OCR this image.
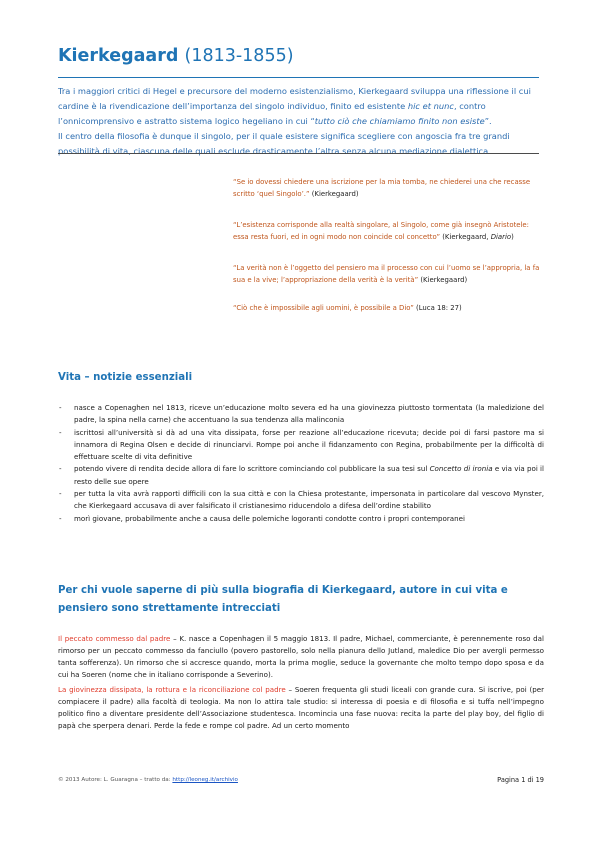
Kierkegaard (1813-1855)

Tra i maggiori critici di Hegel e precursore del moderno esistenzialismo, Kierkegaard sviluppa una riflessione il cui cardine è la rivendicazione dell’importanza del singolo individuo, finito ed esistente hic et nunc, contro l’onnicomprensivo e astratto sistema logico hegeliano in cui “tutto ciò che chiamiamo finito non esiste”.

Il centro della filosofia è dunque il singolo, per il quale esistere significa scegliere con angoscia fra tre grandi possibilità di vita, ciascuna delle quali esclude drasticamente l’altra senza alcuna mediazione dialettica.

“Se io dovessi chiedere una iscrizione per la mia tomba, ne chiederei una che recasse scritto ‘quel Singolo’.” (Kierkegaard)

“L’esistenza corrisponde alla realtà singolare, al Singolo, come già insegnò Aristotele: essa resta fuori, ed in ogni modo non coincide col concetto” (Kierkegaard, Diario)

“La verità non è l’oggetto del pensiero ma il processo con cui l’uomo se l’appropria, la fa sua e la vive; l’appropriazione della verità è la verità” (Kierkegaard)

“Ciò che è impossibile agli uomini, è possibile a Dio” (Luca 18: 27)

Vita – notizie essenziali

- nasce a Copenaghen nel 1813, riceve un’educazione molto severa ed ha una giovinezza piuttosto tormentata (la maledizione del padre, la spina nella carne) che accentuano la sua tendenza alla malinconia

- iscrittosi all’università si dà ad una vita dissipata, forse per reazione all’educazione ricevuta; decide poi di farsi pastore ma si innamora di Regina Olsen e decide di rinunciarvi. Rompe poi anche il fidanzamento con Regina, probabilmente per la difficoltà di effettuare scelte di vita definitive

- potendo vivere di rendita decide allora di fare lo scrittore cominciando col pubblicare la sua tesi sul Concetto di ironia e via via poi il resto delle sue opere

- per tutta la vita avrà rapporti difficili con la sua città e con la Chiesa protestante, impersonata in particolare dal vescovo Mynster, che Kierkegaard accusava di aver falsificato il cristianesimo riducendolo a difesa dell’ordine stabilito

- morì giovane, probabilmente anche a causa delle polemiche logoranti condotte contro i propri contemporanei

Per chi vuole saperne di più sulla biografia di Kierkegaard, autore in cui vita e pensiero sono strettamente intrecciati

Il peccato commesso dal padre – K. nasce a Copenhagen il 5 maggio 1813. Il padre, Michael, commerciante, è perennemente roso dal rimorso per un peccato commesso da fanciullo (povero pastorello, solo nella pianura dello Jutland, maledice Dio per avergli permesso tanta sofferenza). Un rimorso che si accresce quando, morta la prima moglie, seduce la governante che molto tempo dopo sposa e da cui ha Soeren (nome che in italiano corrisponde a Severino).

La giovinezza dissipata, la rottura e la riconciliazione col padre – Soeren frequenta gli studi liceali con grande cura. Si iscrive, poi (per compiacere il padre) alla facoltà di teologia. Ma non lo attira tale studio: si interessa di poesia e di filosofia e si tuffa nell’impegno politico fino a diventare presidente dell’Associazione studentesca. Incomincia una fase nuova: recita la parte del play boy, del figlio di papà che sperpera denari. Perde la fede e rompe col padre. Ad un certo momento

© 2013 Autore: L. Guaragna – tratto da: http://leoneg.it/archivio	Pagina 1 di 19
